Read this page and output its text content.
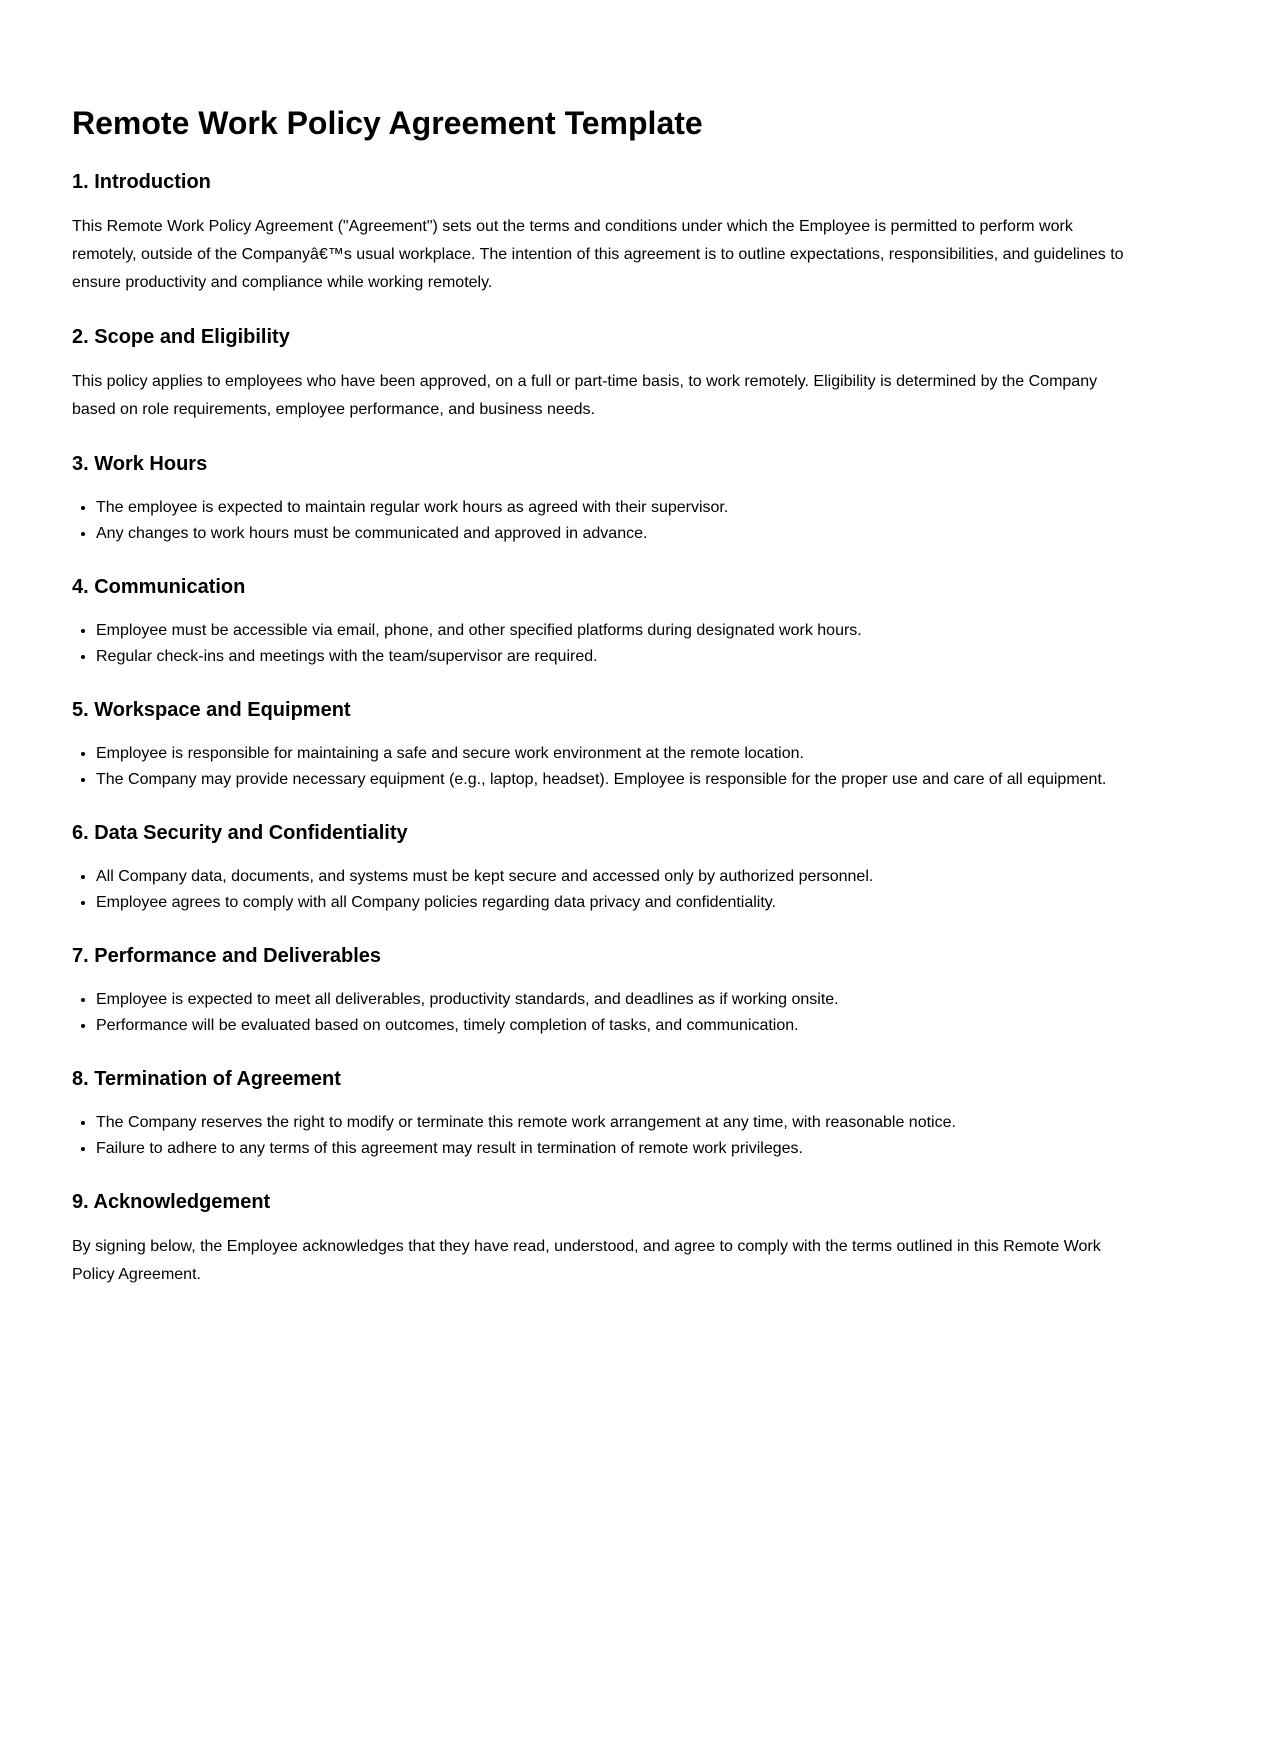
Remote Work Policy Agreement Template
1. Introduction

This Remote Work Policy Agreement ("Agreement") sets out the terms and conditions under which the Employee is permitted to perform work remotely, outside of the Companyâ€™s usual workplace. The intention of this agreement is to outline expectations, responsibilities, and guidelines to ensure productivity and compliance while working remotely.

2. Scope and Eligibility

This policy applies to employees who have been approved, on a full or part-time basis, to work remotely. Eligibility is determined by the Company based on role requirements, employee performance, and business needs.

3. Work Hours
• The employee is expected to maintain regular work hours as agreed with their supervisor.
• Any changes to work hours must be communicated and approved in advance.
4. Communication
• Employee must be accessible via email, phone, and other specified platforms during designated work hours.
• Regular check-ins and meetings with the team/supervisor are required.
5. Workspace and Equipment
• Employee is responsible for maintaining a safe and secure work environment at the remote location.
• The Company may provide necessary equipment (e.g., laptop, headset). Employee is responsible for the proper use and care of all equipment.
6. Data Security and Confidentiality
• All Company data, documents, and systems must be kept secure and accessed only by authorized personnel.
• Employee agrees to comply with all Company policies regarding data privacy and confidentiality.
7. Performance and Deliverables
• Employee is expected to meet all deliverables, productivity standards, and deadlines as if working onsite.
• Performance will be evaluated based on outcomes, timely completion of tasks, and communication.
8. Termination of Agreement
• The Company reserves the right to modify or terminate this remote work arrangement at any time, with reasonable notice.
• Failure to adhere to any terms of this agreement may result in termination of remote work privileges.
9. Acknowledgement

By signing below, the Employee acknowledges that they have read, understood, and agree to comply with the terms outlined in this Remote Work Policy Agreement.
